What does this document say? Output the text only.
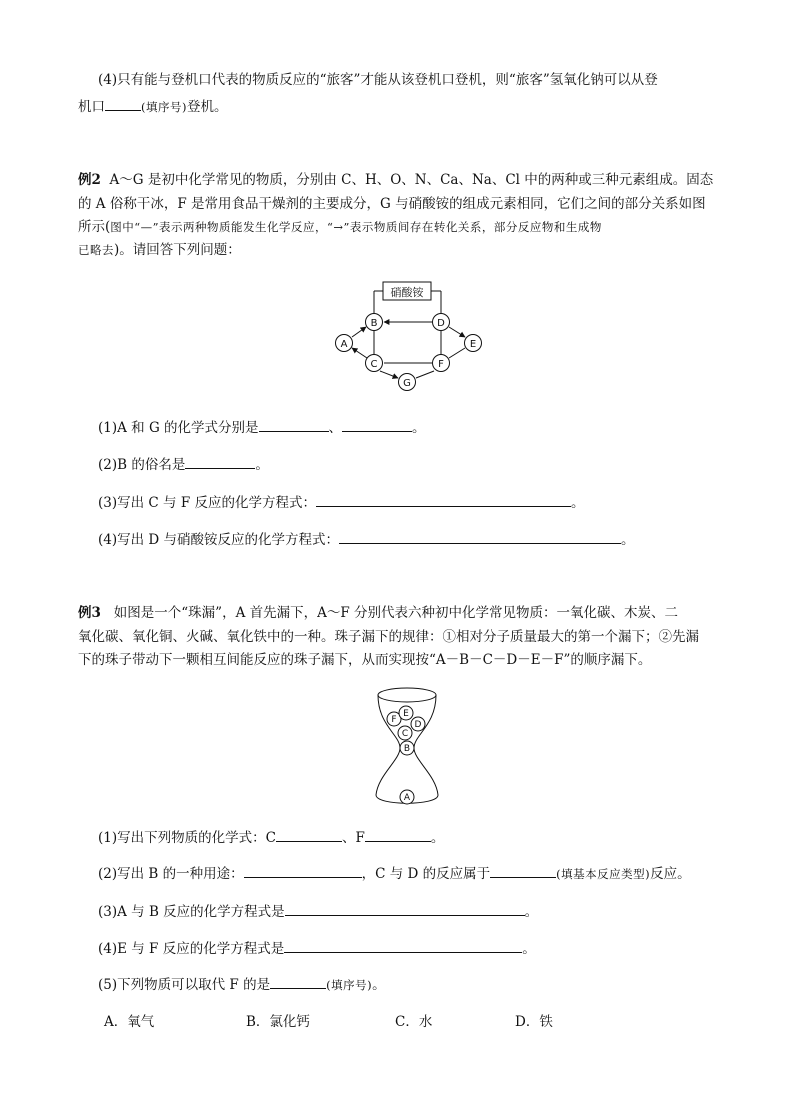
(4)只有能与登机口代表的物质反应的“旅客”才能从该登机口登机，则“旅客”氢氧化钠可以从登
机口	(填序号)登机。
例2 A～G 是初中化学常见的物质，分别由 C、H、O、N、Ca、Na、Cl 中的两种或三种元素组成。固态
的 A 俗称干冰，F 是常用食品干燥剂的主要成分，G 与硝酸铵的组成元素相同，它们之间的部分关系如图
所示(图中“—”表示两种物质能发生化学反应，“→”表示物质间存在转化关系，部分反应物和生成物
已略去)。请回答下列问题：
硝酸铵
A
B
C
D
E
F
G
(1)A 和 G 的化学式分别是	、	。
(2)B 的俗名是	。
(3)写出 C 与 F 反应的化学方程式：	。
(4)写出 D 与硝酸铵反应的化学方程式：	。
例3 如图是一个“珠漏”，A 首先漏下，A～F 分别代表六种初中化学常见物质：一氧化碳、木炭、二
氧化碳、氧化铜、火碱、氧化铁中的一种。珠子漏下的规律：①相对分子质量最大的第一个漏下；②先漏
下的珠子带动下一颗相互间能反应的珠子漏下，从而实现按“A－B－C－D－E－F”的顺序漏下。
F
E
D
C
B
A
(1)写出下列物质的化学式：C	、F	。
(2)写出 B 的一种用途：	，C 与 D 的反应属于	(填基本反应类型)反应。
(3)A 与 B 反应的化学方程式是	。
(4)E 与 F 反应的化学方程式是	。
(5)下列物质可以取代 F 的是	(填序号)。
A．氧气	B．氯化钙	C．水	D．铁
